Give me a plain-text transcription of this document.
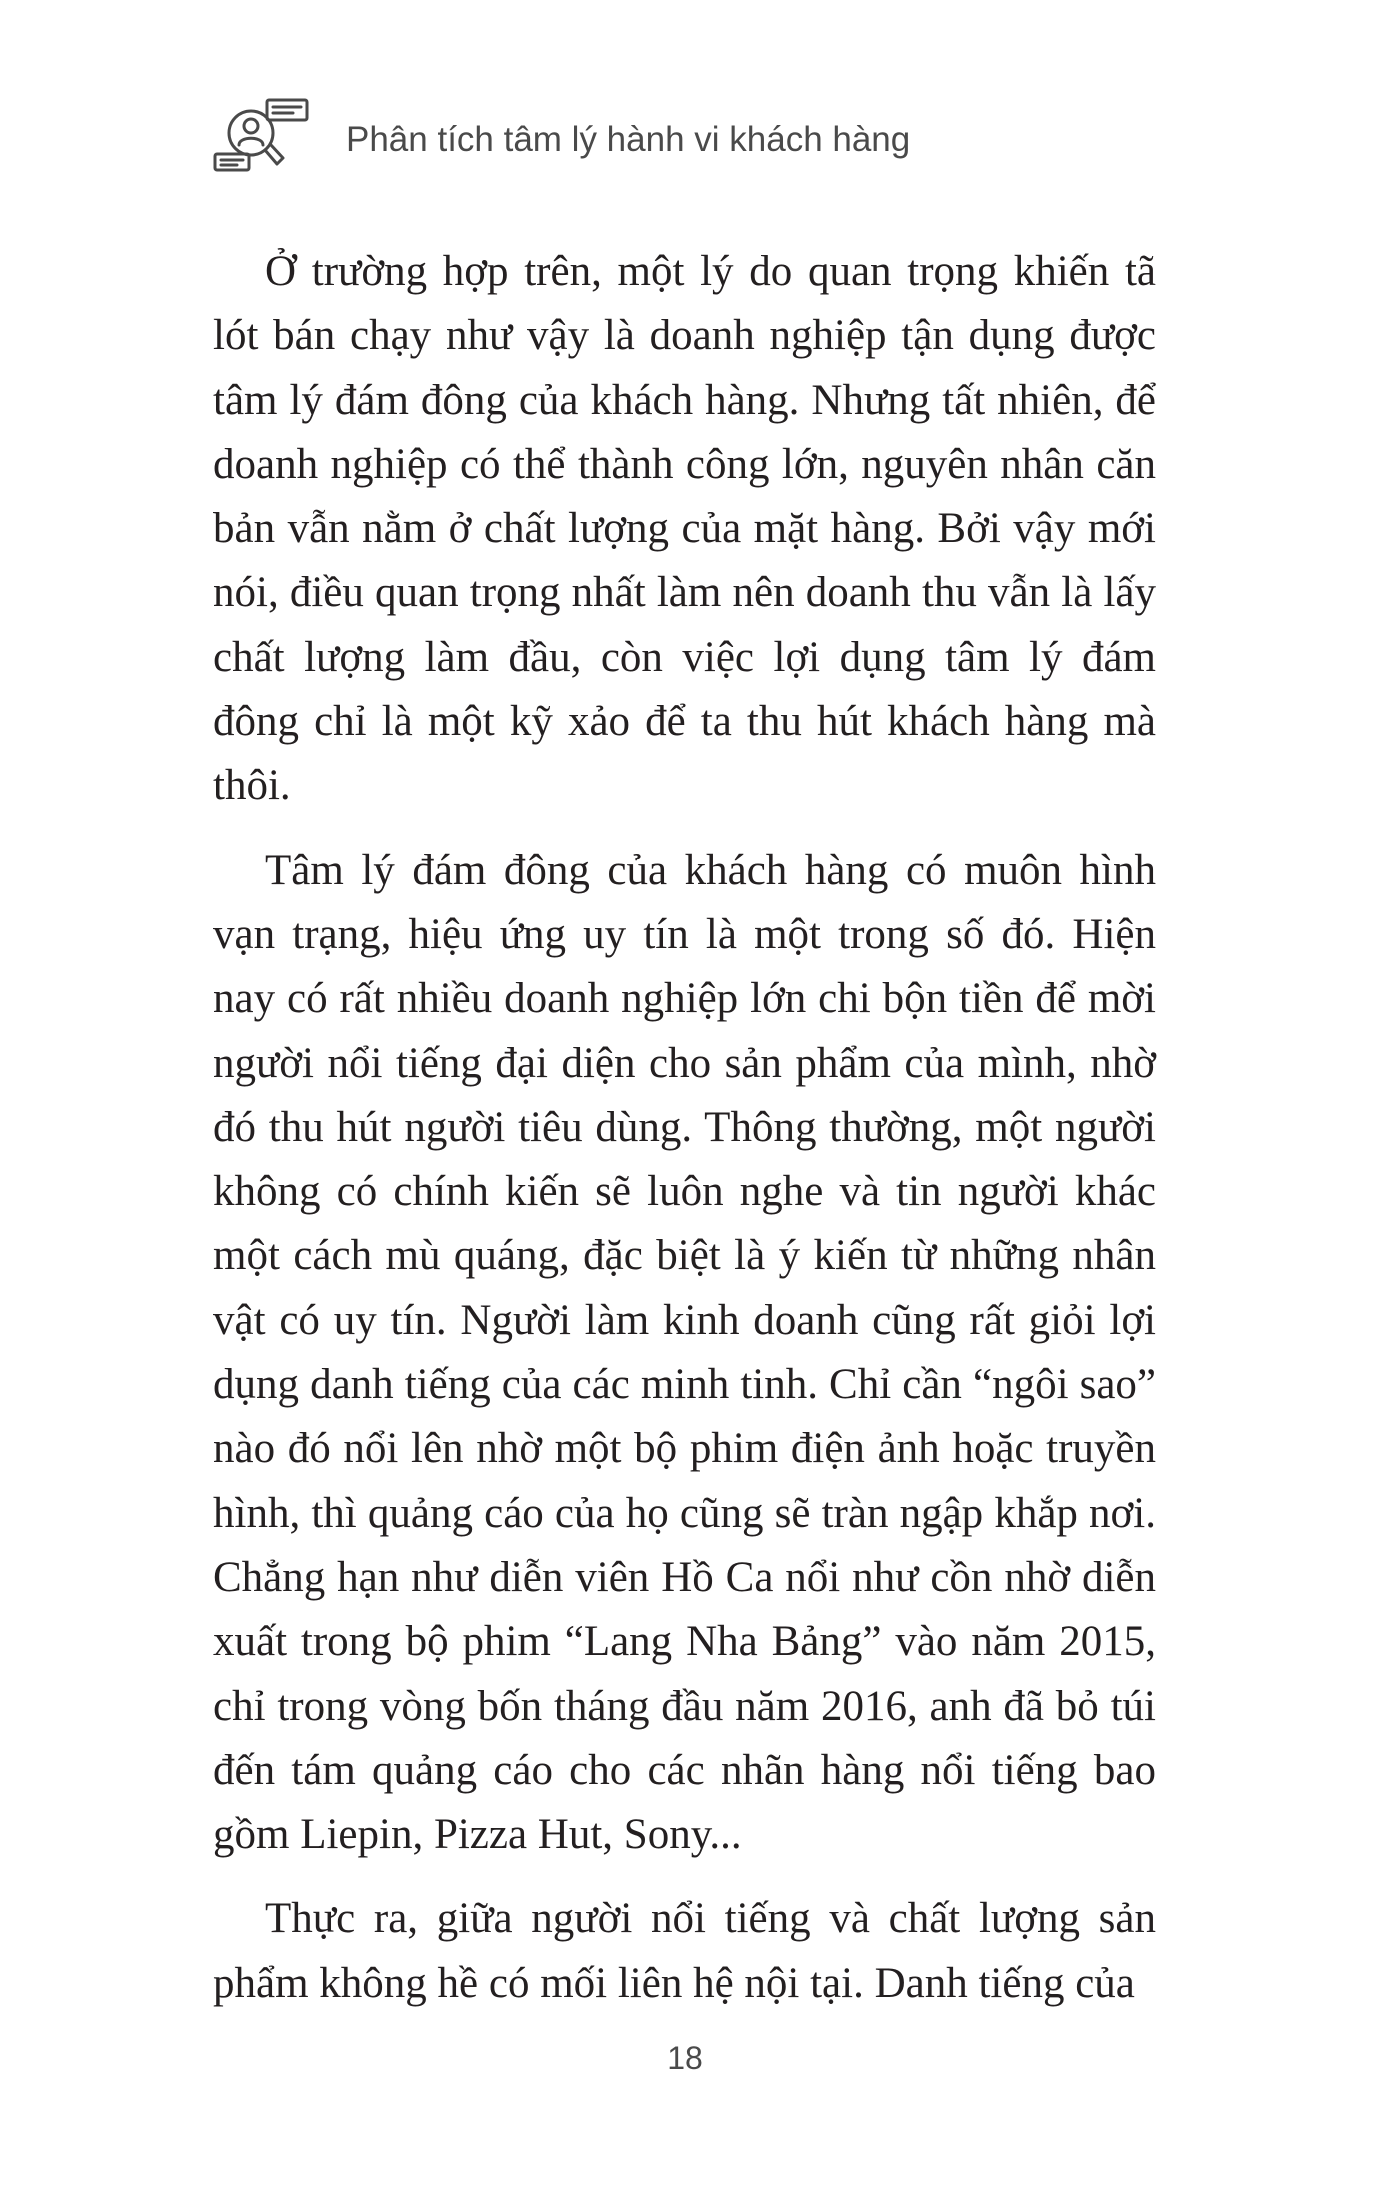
Phân tích tâm lý hành vi khách hàng

Ở trường hợp trên, một lý do quan trọng khiến tã lót bán chạy như vậy là doanh nghiệp tận dụng được tâm lý đám đông của khách hàng. Nhưng tất nhiên, để doanh nghiệp có thể thành công lớn, nguyên nhân căn bản vẫn nằm ở chất lượng của mặt hàng. Bởi vậy mới nói, điều quan trọng nhất làm nên doanh thu vẫn là lấy chất lượng làm đầu, còn việc lợi dụng tâm lý đám đông chỉ là một kỹ xảo để ta thu hút khách hàng mà thôi.

Tâm lý đám đông của khách hàng có muôn hình vạn trạng, hiệu ứng uy tín là một trong số đó. Hiện nay có rất nhiều doanh nghiệp lớn chi bộn tiền để mời người nổi tiếng đại diện cho sản phẩm của mình, nhờ đó thu hút người tiêu dùng. Thông thường, một người không có chính kiến sẽ luôn nghe và tin người khác một cách mù quáng, đặc biệt là ý kiến từ những nhân vật có uy tín. Người làm kinh doanh cũng rất giỏi lợi dụng danh tiếng của các minh tinh. Chỉ cần “ngôi sao” nào đó nổi lên nhờ một bộ phim điện ảnh hoặc truyền hình, thì quảng cáo của họ cũng sẽ tràn ngập khắp nơi. Chẳng hạn như diễn viên Hồ Ca nổi như cồn nhờ diễn xuất trong bộ phim “Lang Nha Bảng” vào năm 2015, chỉ trong vòng bốn tháng đầu năm 2016, anh đã bỏ túi đến tám quảng cáo cho các nhãn hàng nổi tiếng bao gồm Liepin, Pizza Hut, Sony...

Thực ra, giữa người nổi tiếng và chất lượng sản phẩm không hề có mối liên hệ nội tại. Danh tiếng của

18
